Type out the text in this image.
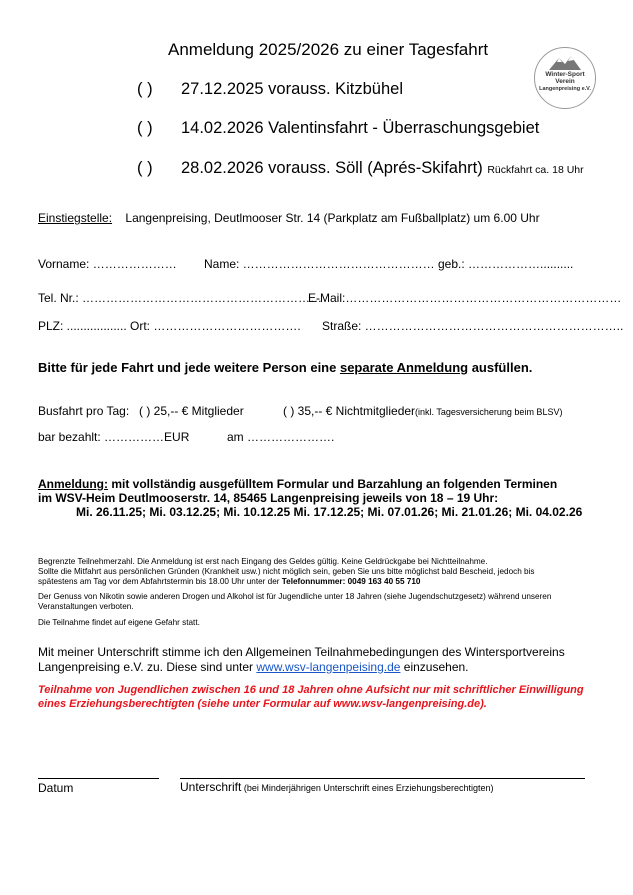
Anmeldung 2025/2026 zu einer Tagesfahrt
Winter-Sport
Verein
Langenpreising e.V.
( ) 27.12.2025 vorauss. Kitzbühel
( ) 14.02.2026 Valentinsfahrt - Überraschungsgebiet
( ) 28.02.2026 vorauss. Söll (Aprés-Skifahrt) Rückfahrt ca. 18 Uhr
Einstiegstelle: Langenpreising, Deutlmooser Str. 14 (Parkplatz am Fußballplatz) um 6.00 Uhr
Vorname: ………………… Name: ………………………………………… geb.: ………………..........
Tel. Nr.: ……………………………………………………
E-Mail:……………………………………………………………
PLZ: .................. Ort: ………………………………. Straße: ………………………………………………………..
Bitte für jede Fahrt und jede weitere Person eine separate Anmeldung ausfüllen.
Busfahrt pro Tag: ( ) 25,-- € Mitglieder	( ) 35,-- € Nichtmitglieder(inkl. Tagesversicherung beim BLSV)
bar bezahlt: ……………EUR	am ………………….
Anmeldung: mit vollständig ausgefülltem Formular und Barzahlung an folgenden Terminen
im WSV-Heim Deutlmooserstr. 14, 85465 Langenpreising jeweils von 18 – 19 Uhr:
Mi. 26.11.25; Mi. 03.12.25; Mi. 10.12.25 Mi. 17.12.25; Mi. 07.01.26; Mi. 21.01.26; Mi. 04.02.26
Begrenzte Teilnehmerzahl. Die Anmeldung ist erst nach Eingang des Geldes gültig. Keine Geldrückgabe bei Nichtteilnahme.
Sollte die Mitfahrt aus persönlichen Gründen (Krankheit usw.) nicht möglich sein, geben Sie uns bitte möglichst bald Bescheid, jedoch bis
spätestens am Tag vor dem Abfahrtstermin bis 18.00 Uhr unter der Telefonnummer: 0049 163 40 55 710
Der Genuss von Nikotin sowie anderen Drogen und Alkohol ist für Jugendliche unter 18 Jahren (siehe Jugendschutzgesetz) während unseren
Veranstaltungen verboten.
Die Teilnahme findet auf eigene Gefahr statt.
Mit meiner Unterschrift stimme ich den Allgemeinen Teilnahmebedingungen des Wintersportvereins
Langenpreising e.V. zu. Diese sind unter www.wsv-langenpeising.de einzusehen.
Teilnahme von Jugendlichen zwischen 16 und 18 Jahren ohne Aufsicht nur mit schriftlicher Einwilligung
eines Erziehungsberechtigten (siehe unter Formular auf www.wsv-langenpreising.de).
Datum	Unterschrift (bei Minderjährigen Unterschrift eines Erziehungsberechtigten)
